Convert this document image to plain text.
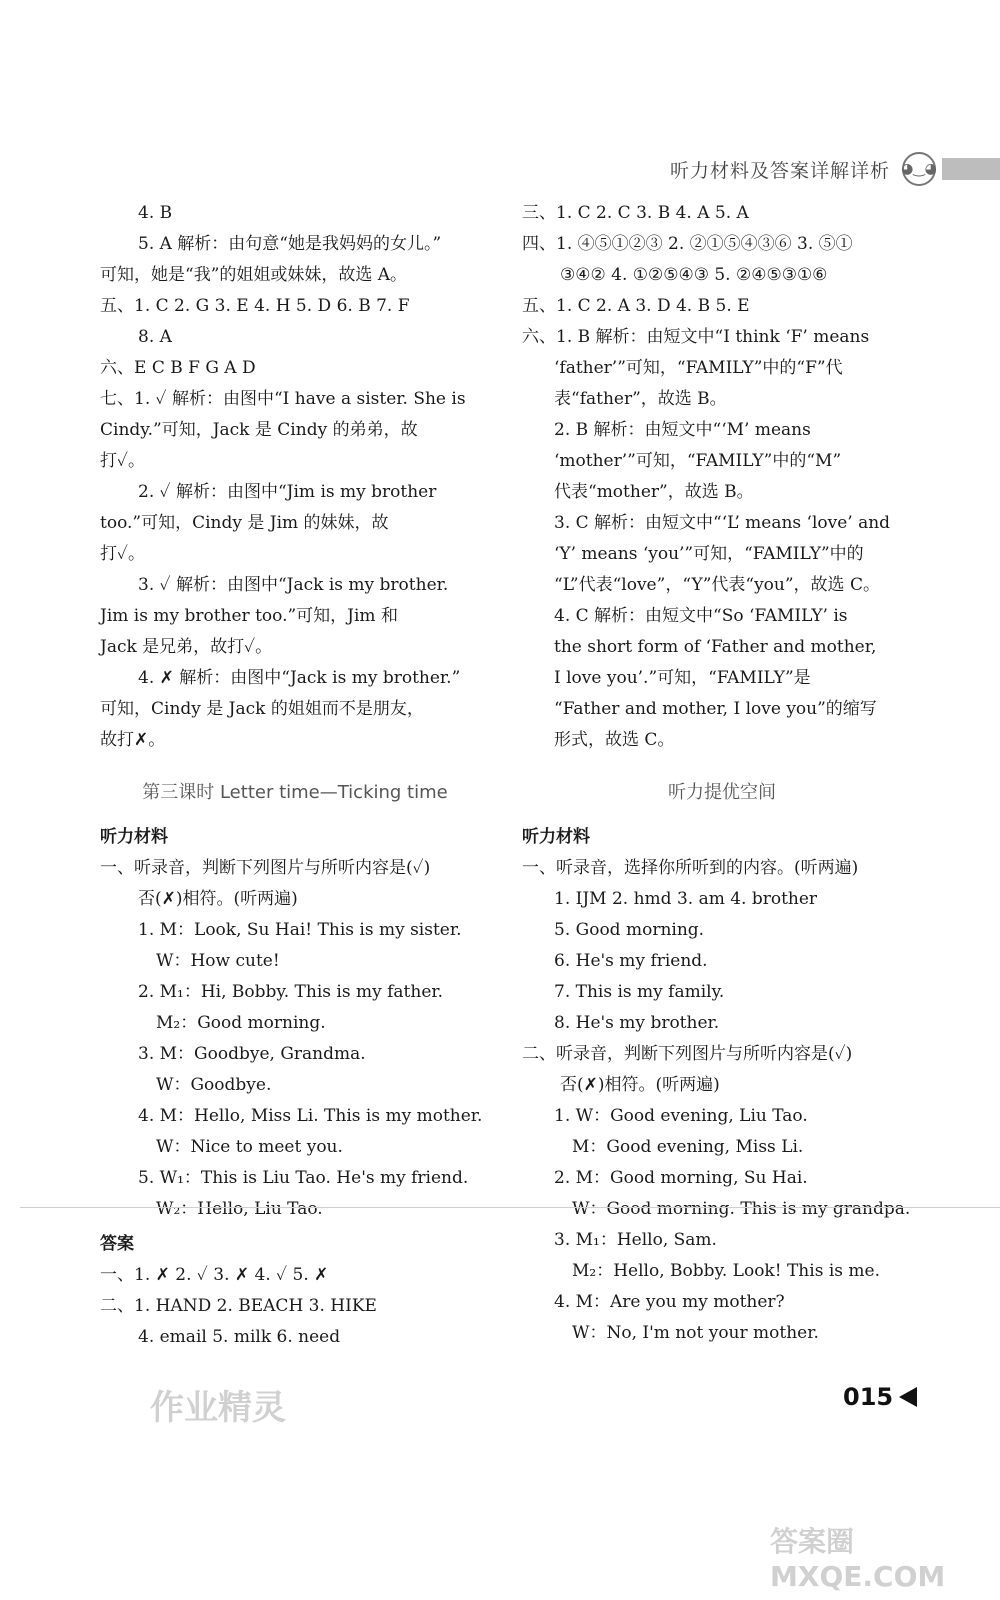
听力材料及答案详解详析 ◕‿◕
4. B
5. A 解析：由句意“她是我妈妈的女儿。”
可知，她是“我”的姐姐或妹妹，故选 A。
五、1. C 2. G 3. E 4. H 5. D 6. B 7. F
8. A
六、E C B F G A D
七、1. ✓ 解析：由图中“I have a sister. She is
Cindy.”可知，Jack 是 Cindy 的弟弟，故
打✓。
2. ✓ 解析：由图中“Jim is my brother
too.”可知，Cindy 是 Jim 的妹妹，故
打✓。
3. ✓ 解析：由图中“Jack is my brother.
Jim is my brother too.”可知，Jim 和
Jack 是兄弟，故打✓。
4. ✗ 解析：由图中“Jack is my brother.”
可知，Cindy 是 Jack 的姐姐而不是朋友，
故打✗。
第三课时 Letter time—Ticking time
听力材料
一、听录音，判断下列图片与所听内容是(✓)
否(✗)相符。(听两遍)
1. M：Look, Su Hai! This is my sister.
W：How cute!
2. M₁：Hi, Bobby. This is my father.
M₂：Good morning.
3. M：Goodbye, Grandma.
W：Goodbye.
4. M：Hello, Miss Li. This is my mother.
W：Nice to meet you.
5. W₁：This is Liu Tao. He's my friend.
W₂：Hello, Liu Tao.
答案
一、1. ✗ 2. ✓ 3. ✗ 4. ✓ 5. ✗
二、1. HAND 2. BEACH 3. HIKE
4. email 5. milk 6. need
三、1. C 2. C 3. B 4. A 5. A
四、1. ④⑤①②③ 2. ②①⑤④③⑥ 3. ⑤①
③④② 4. ①②⑤④③ 5. ②④⑤③①⑥
五、1. C 2. A 3. D 4. B 5. E
六、1. B 解析：由短文中“I think ‘F’ means
‘father’”可知，“FAMILY”中的“F”代
表“father”，故选 B。
2. B 解析：由短文中“‘M’ means
‘mother’”可知，“FAMILY”中的“M”
代表“mother”，故选 B。
3. C 解析：由短文中“‘L’ means ‘love’ and
‘Y’ means ‘you’”可知，“FAMILY”中的
“L”代表“love”，“Y”代表“you”，故选 C。
4. C 解析：由短文中“So ‘FAMILY’ is
the short form of ‘Father and mother,
I love you’.”可知，“FAMILY”是
“Father and mother, I love you”的缩写
形式，故选 C。
听力提优空间
听力材料
一、听录音，选择你所听到的内容。(听两遍)
1. IJM 2. hmd 3. am 4. brother
5. Good morning.
6. He's my friend.
7. This is my family.
8. He's my brother.
二、听录音，判断下列图片与所听内容是(✓)
否(✗)相符。(听两遍)
1. W：Good evening, Liu Tao.
M：Good evening, Miss Li.
2. M：Good morning, Su Hai.
W：Good morning. This is my grandpa.
3. M₁：Hello, Sam.
M₂：Hello, Bobby. Look! This is me.
4. M：Are you my mother?
W：No, I'm not your mother.
015
作业精灵
答案圈 MXQE.COM
